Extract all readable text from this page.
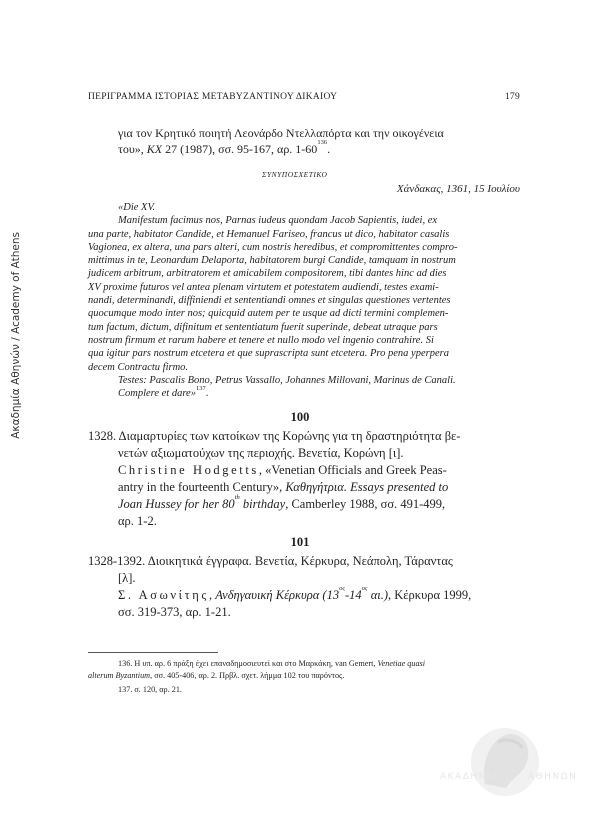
Ακαδημία Αθηνών / Academy of Athens
ΠΕΡΙΓΡΑΜΜΑ ΙΣΤΟΡΙΑΣ ΜΕΤΑΒΥΖΑΝΤΙΝΟΥ ΔΙΚΑΙΟΥ	179
για τον Κρητικό ποιητή Λεονάρδο Ντελλαπόρτα και την οικογένεια
του», ΚΧ 27 (1987), σσ. 95-167, αρ. $1-60^{136}$.
ΣΥΝΥΠΟΣΧΕΤΙΚΟ
Χάνδακας, 1361, 15 Ιουλίου
«Die XV.
Manifestum facimus nos, Parnas iudeus quondam Jacob Sapientis, iudei, ex
una parte, habitator Candide, et Hemanuel Fariseo, francus ut dico, habitator casalis
Vagionea, ex altera, una pars alteri, cum nostris heredibus, et compromittentes compro-
mittimus in te, Leonardum Delaporta, habitatorem burgi Candide, tamquam in nostrum
judicem arbitrum, arbitratorem et amicabilem compositorem, tibi dantes hinc ad dies
XV proxime futuros vel antea plenam virtutem et potestatem audiendi, testes exami-
nandi, determinandi, diffiniendi et sententiandi omnes et singulas questiones vertentes
quocumque modo inter nos; quicquid autem per te usque ad dicti termini complemen-
tum factum, dictum, difinitum et sententiatum fuerit superinde, debeat utraque pars
nostrum firmum et rarum habere et tenere et nullo modo vel ingenio contrahire. Si
qua igitur pars nostrum etcetera et que suprascripta sunt etcetera. Pro pena yperpera
decem Contractu firmo.
Testes: Pascalis Bono, Petrus Vassallo, Johannes Millovani, Marinus de Canali.
Complere et dare»$^{137}$.
100
1328. Διαμαρτυρίες των κατοίκων της Κορώνης για τη δραστηριότητα βε-
νετών αξιωματούχων της περιοχής. Βενετία, Κορώνη [ι].
Christine Hodgetts, «Venetian Officials and Greek Peas-
antry in the fourteenth Century», Καθηγήτρια. Essays presented to
Joan Hussey for her 80th birthday, Camberley 1988, σσ. 491-499,
αρ. 1-2.
101
1328-1392. Διοικητικά έγγραφα. Βενετία, Κέρκυρα, Νεάπολη, Τάραντας
[λ].
Σ. Ασωνίτης, Ανδηγαυική Κέρκυρα ($13^{o\varsigma}-14^{o\varsigma}$ αι.), Κέρκυρα 1999,
σσ. 319-373, αρ. 1-21.
136. Η υπ. αρ. 6 πράξη έχει επαναδημοσιευτεί και στο Μαρκάκη, van Gemert, Venetiae quasi
alterum Byzantium, σσ. 405-406, αρ. 2. Πρβλ. σχετ. λήμμα 102 του παρόντος.
137. σ. 120, αρ. 21.
ΑΚΑΔΗΜΙΑ	ΑΘΗΝΩΝ
